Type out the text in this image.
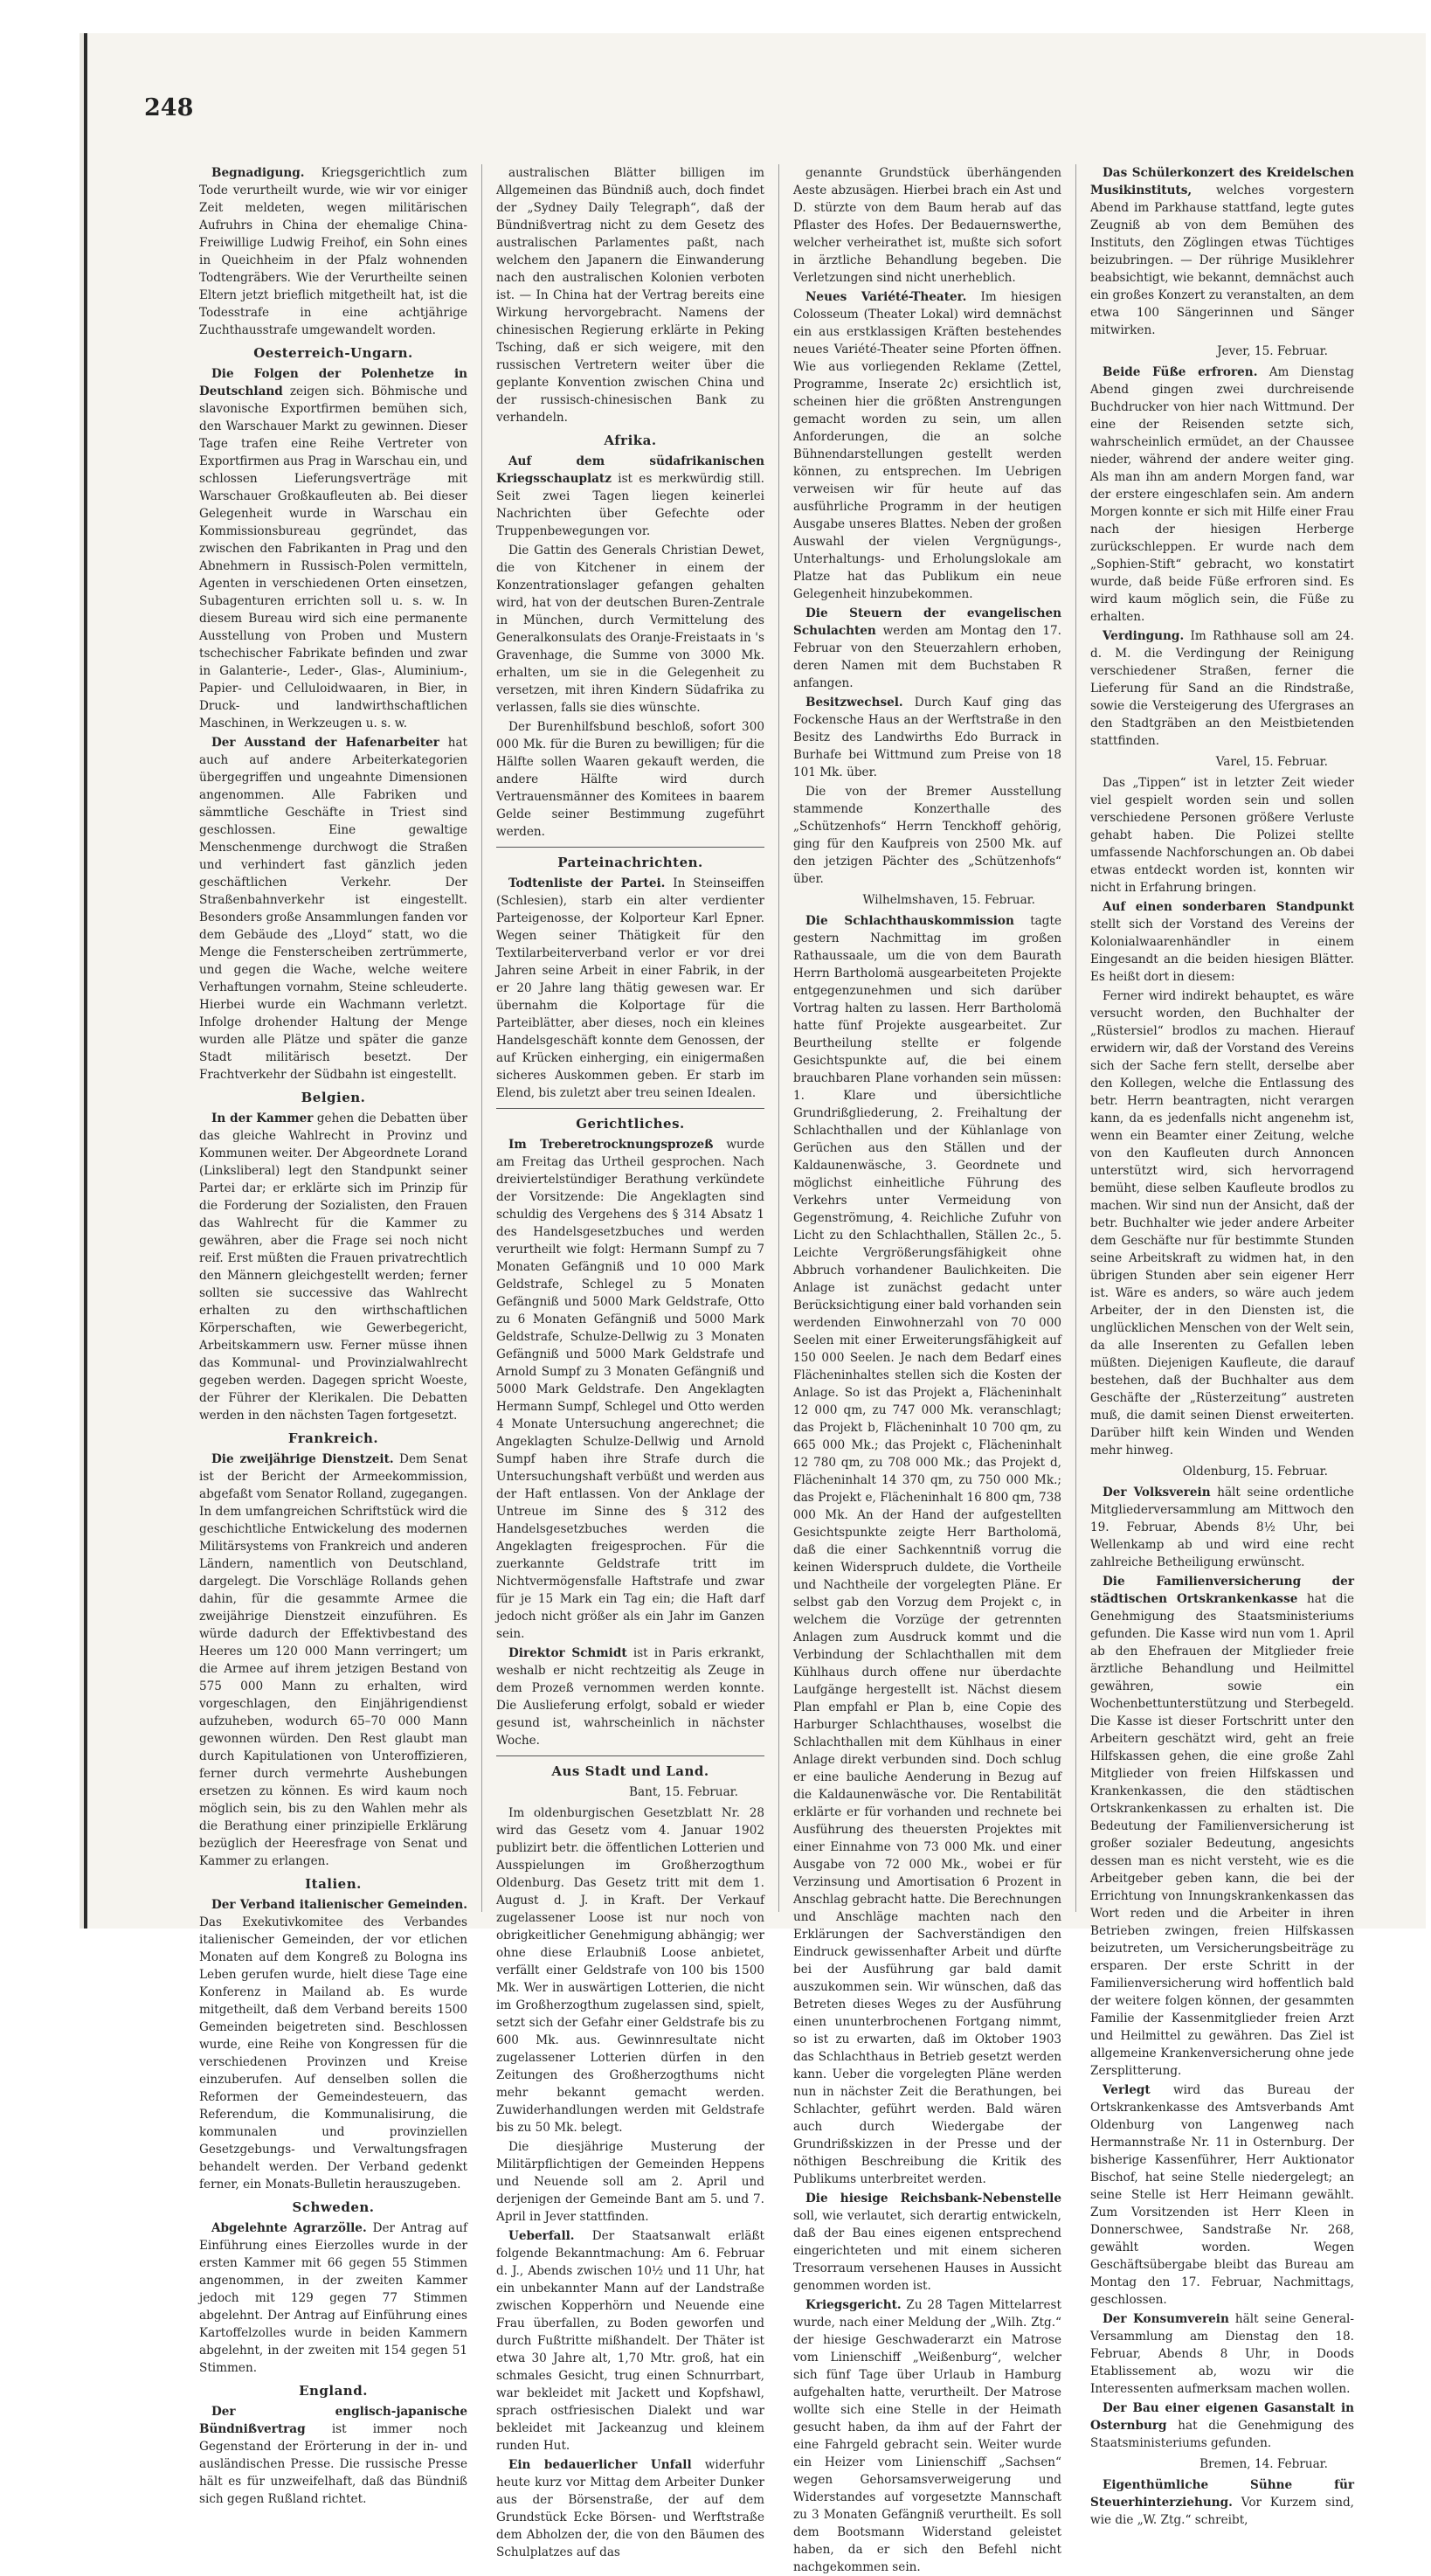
248

Begnadigung. Kriegsgerichtlich zum Tode verurtheilt wurde, wie wir vor einiger Zeit meldeten, wegen militärischen Aufruhrs in China der ehemalige China-Freiwillige Ludwig Freihof, ein Sohn eines in Queichheim in der Pfalz wohnenden Todtengräbers. Wie der Verurtheilte seinen Eltern jetzt brieflich mitgetheilt hat, ist die Todesstrafe in eine achtjährige Zuchthausstrafe umgewandelt worden.

Oesterreich-Ungarn.

Die Folgen der Polenhetze in Deutschland zeigen sich. Böhmische und slavonische Exportfirmen bemühen sich, den Warschauer Markt zu gewinnen. Dieser Tage trafen eine Reihe Vertreter von Exportfirmen aus Prag in Warschau ein, und schlossen Lieferungsverträge mit Warschauer Großkaufleuten ab. Bei dieser Gelegenheit wurde in Warschau ein Kommissionsbureau gegründet, das zwischen den Fabrikanten in Prag und den Abnehmern in Russisch-Polen vermitteln, Agenten in verschiedenen Orten einsetzen, Subagenturen errichten soll u. s. w. In diesem Bureau wird sich eine permanente Ausstellung von Proben und Mustern tschechischer Fabrikate befinden und zwar in Galanterie-, Leder-, Glas-, Aluminium-, Papier- und Celluloidwaaren, in Bier, in Druck- und landwirthschaftlichen Maschinen, in Werkzeugen u. s. w.

Der Ausstand der Hafenarbeiter hat auch auf andere Arbeiterkategorien übergegriffen und ungeahnte Dimensionen angenommen. Alle Fabriken und sämmtliche Geschäfte in Triest sind geschlossen. Eine gewaltige Menschenmenge durchwogt die Straßen und verhindert fast gänzlich jeden geschäftlichen Verkehr. Der Straßenbahnverkehr ist eingestellt. Besonders große Ansammlungen fanden vor dem Gebäude des „Lloyd“ statt, wo die Menge die Fensterscheiben zertrümmerte, und gegen die Wache, welche weitere Verhaftungen vornahm, Steine schleuderte. Hierbei wurde ein Wachmann verletzt. Infolge drohender Haltung der Menge wurden alle Plätze und später die ganze Stadt militärisch besetzt. Der Frachtverkehr der Südbahn ist eingestellt.

Belgien.

In der Kammer gehen die Debatten über das gleiche Wahlrecht in Provinz und Kommunen weiter. Der Abgeordnete Lorand (Linksliberal) legt den Standpunkt seiner Partei dar; er erklärte sich im Prinzip für die Forderung der Sozialisten, den Frauen das Wahlrecht für die Kammer zu gewähren, aber die Frage sei noch nicht reif. Erst müßten die Frauen privatrechtlich den Männern gleichgestellt werden; ferner sollten sie successive das Wahlrecht erhalten zu den wirthschaftlichen Körperschaften, wie Gewerbegericht, Arbeitskammern usw. Ferner müsse ihnen das Kommunal- und Provinzialwahlrecht gegeben werden. Dagegen spricht Woeste, der Führer der Klerikalen. Die Debatten werden in den nächsten Tagen fortgesetzt.

Frankreich.

Die zweijährige Dienstzeit. Dem Senat ist der Bericht der Armeekommission, abgefaßt vom Senator Rolland, zugegangen. In dem umfangreichen Schriftstück wird die geschichtliche Entwickelung des modernen Militärsystems von Frankreich und anderen Ländern, namentlich von Deutschland, dargelegt. Die Vorschläge Rollands gehen dahin, für die gesammte Armee die zweijährige Dienstzeit einzuführen. Es würde dadurch der Effektivbestand des Heeres um 120 000 Mann verringert; um die Armee auf ihrem jetzigen Bestand von 575 000 Mann zu erhalten, wird vorgeschlagen, den Einjährigendienst aufzuheben, wodurch 65–70 000 Mann gewonnen würden. Den Rest glaubt man durch Kapitulationen von Unteroffizieren, ferner durch vermehrte Aushebungen ersetzen zu können. Es wird kaum noch möglich sein, bis zu den Wahlen mehr als die Berathung einer prinzipielle Erklärung bezüglich der Heeresfrage von Senat und Kammer zu erlangen.

Italien.

Der Verband italienischer Gemeinden. Das Exekutivkomitee des Verbandes italienischer Gemeinden, der vor etlichen Monaten auf dem Kongreß zu Bologna ins Leben gerufen wurde, hielt diese Tage eine Konferenz in Mailand ab. Es wurde mitgetheilt, daß dem Verband bereits 1500 Gemeinden beigetreten sind. Beschlossen wurde, eine Reihe von Kongressen für die verschiedenen Provinzen und Kreise einzuberufen. Auf denselben sollen die Reformen der Gemeindesteuern, das Referendum, die Kommunalisirung, die kommunalen und provinziellen Gesetzgebungs- und Verwaltungsfragen behandelt werden. Der Verband gedenkt ferner, ein Monats-Bulletin herauszugeben.

Schweden.

Abgelehnte Agrarzölle. Der Antrag auf Einführung eines Eierzolles wurde in der ersten Kammer mit 66 gegen 55 Stimmen angenommen, in der zweiten Kammer jedoch mit 129 gegen 77 Stimmen abgelehnt. Der Antrag auf Einführung eines Kartoffelzolles wurde in beiden Kammern abgelehnt, in der zweiten mit 154 gegen 51 Stimmen.

England.

Der englisch-japanische Bündnißvertrag ist immer noch Gegenstand der Erörterung in der in- und ausländischen Presse. Die russische Presse hält es für unzweifelhaft, daß das Bündniß sich gegen Rußland richtet.

australischen Blätter billigen im Allgemeinen das Bündniß auch, doch findet der „Sydney Daily Telegraph“, daß der Bündnißvertrag nicht zu dem Gesetz des australischen Parlamentes paßt, nach welchem den Japanern die Einwanderung nach den australischen Kolonien verboten ist. — In China hat der Vertrag bereits eine Wirkung hervorgebracht. Namens der chinesischen Regierung erklärte in Peking Tsching, daß er sich weigere, mit den russischen Vertretern weiter über die geplante Konvention zwischen China und der russisch-chinesischen Bank zu verhandeln.

Afrika.

Auf dem südafrikanischen Kriegsschauplatz ist es merkwürdig still. Seit zwei Tagen liegen keinerlei Nachrichten über Gefechte oder Truppenbewegungen vor.

Die Gattin des Generals Christian Dewet, die von Kitchener in einem der Konzentrationslager gefangen gehalten wird, hat von der deutschen Buren-Zentrale in München, durch Vermittelung des Generalkonsulats des Oranje-Freistaats in 's Gravenhage, die Summe von 3000 Mk. erhalten, um sie in die Gelegenheit zu versetzen, mit ihren Kindern Südafrika zu verlassen, falls sie dies wünschte.

Der Burenhilfsbund beschloß, sofort 300 000 Mk. für die Buren zu bewilligen; für die Hälfte sollen Waaren gekauft werden, die andere Hälfte wird durch Vertrauensmänner des Komitees in baarem Gelde seiner Bestimmung zugeführt werden.

Parteinachrichten.

Todtenliste der Partei. In Steinseiffen (Schlesien), starb ein alter verdienter Parteigenosse, der Kolporteur Karl Epner. Wegen seiner Thätigkeit für den Textilarbeiterverband verlor er vor drei Jahren seine Arbeit in einer Fabrik, in der er 20 Jahre lang thätig gewesen war. Er übernahm die Kolportage für die Parteiblätter, aber dieses, noch ein kleines Handelsgeschäft konnte dem Genossen, der auf Krücken einherging, ein einigermaßen sicheres Auskommen geben. Er starb im Elend, bis zuletzt aber treu seinen Idealen.

Gerichtliches.

Im Treberetrocknungsprozeß wurde am Freitag das Urtheil gesprochen. Nach dreiviertelstündiger Berathung verkündete der Vorsitzende: Die Angeklagten sind schuldig des Vergehens des § 314 Absatz 1 des Handelsgesetzbuches und werden verurtheilt wie folgt: Hermann Sumpf zu 7 Monaten Gefängniß und 10 000 Mark Geldstrafe, Schlegel zu 5 Monaten Gefängniß und 5000 Mark Geldstrafe, Otto zu 6 Monaten Gefängniß und 5000 Mark Geldstrafe, Schulze-Dellwig zu 3 Monaten Gefängniß und 5000 Mark Geldstrafe und Arnold Sumpf zu 3 Monaten Gefängniß und 5000 Mark Geldstrafe. Den Angeklagten Hermann Sumpf, Schlegel und Otto werden 4 Monate Untersuchung angerechnet; die Angeklagten Schulze-Dellwig und Arnold Sumpf haben ihre Strafe durch die Untersuchungshaft verbüßt und werden aus der Haft entlassen. Von der Anklage der Untreue im Sinne des § 312 des Handelsgesetzbuches werden die Angeklagten freigesprochen. Für die zuerkannte Geldstrafe tritt im Nichtvermögensfalle Haftstrafe und zwar für je 15 Mark ein Tag ein; die Haft darf jedoch nicht größer als ein Jahr im Ganzen sein.

Direktor Schmidt ist in Paris erkrankt, weshalb er nicht rechtzeitig als Zeuge in dem Prozeß vernommen werden konnte. Die Auslieferung erfolgt, sobald er wieder gesund ist, wahrscheinlich in nächster Woche.

Aus Stadt und Land.
Bant, 15. Februar.

Im oldenburgischen Gesetzblatt Nr. 28 wird das Gesetz vom 4. Januar 1902 publizirt betr. die öffentlichen Lotterien und Ausspielungen im Großherzogthum Oldenburg. Das Gesetz tritt mit dem 1. August d. J. in Kraft. Der Verkauf zugelassener Loose ist nur noch von obrigkeitlicher Genehmigung abhängig; wer ohne diese Erlaubniß Loose anbietet, verfällt einer Geldstrafe von 100 bis 1500 Mk. Wer in auswärtigen Lotterien, die nicht im Großherzogthum zugelassen sind, spielt, setzt sich der Gefahr einer Geldstrafe bis zu 600 Mk. aus. Gewinnresultate nicht zugelassener Lotterien dürfen in den Zeitungen des Großherzogthums nicht mehr bekannt gemacht werden. Zuwiderhandlungen werden mit Geldstrafe bis zu 50 Mk. belegt.

Die diesjährige Musterung der Militärpflichtigen der Gemeinden Heppens und Neuende soll am 2. April und derjenigen der Gemeinde Bant am 5. und 7. April in Jever stattfinden.

Ueberfall. Der Staatsanwalt erläßt folgende Bekanntmachung: Am 6. Februar d. J., Abends zwischen 10½ und 11 Uhr, hat ein unbekannter Mann auf der Landstraße zwischen Kopperhörn und Neuende eine Frau überfallen, zu Boden geworfen und durch Fußtritte mißhandelt. Der Thäter ist etwa 30 Jahre alt, 1,70 Mtr. groß, hat ein schmales Gesicht, trug einen Schnurrbart, war bekleidet mit Jackett und Kopfshawl, sprach ostfriesischen Dialekt und war bekleidet mit Jackeanzug und kleinem runden Hut.

Ein bedauerlicher Unfall widerfuhr heute kurz vor Mittag dem Arbeiter Dunker aus der Börsenstraße, der auf dem Grundstück Ecke Börsen- und Werftstraße dem Abholzen der, die von den Bäumen des Schulplatzes auf das

genannte Grundstück überhängenden Aeste abzusägen. Hierbei brach ein Ast und D. stürzte von dem Baum herab auf das Pflaster des Hofes. Der Bedauernswerthe, welcher verheirathet ist, mußte sich sofort in ärztliche Behandlung begeben. Die Verletzungen sind nicht unerheblich.

Neues Variété-Theater. Im hiesigen Colosseum (Theater Lokal) wird demnächst ein aus erstklassigen Kräften bestehendes neues Variété-Theater seine Pforten öffnen. Wie aus vorliegenden Reklame (Zettel, Programme, Inserate 2c) ersichtlich ist, scheinen hier die größten Anstrengungen gemacht worden zu sein, um allen Anforderungen, die an solche Bühnendarstellungen gestellt werden können, zu entsprechen. Im Uebrigen verweisen wir für heute auf das ausführliche Programm in der heutigen Ausgabe unseres Blattes. Neben der großen Auswahl der vielen Vergnügungs-, Unterhaltungs- und Erholungslokale am Platze hat das Publikum ein neue Gelegenheit hinzubekommen.

Die Steuern der evangelischen Schulachten werden am Montag den 17. Februar von den Steuerzahlern erhoben, deren Namen mit dem Buchstaben R anfangen.

Besitzwechsel. Durch Kauf ging das Fockensche Haus an der Werftstraße in den Besitz des Landwirths Edo Burrack in Burhafe bei Wittmund zum Preise von 18 101 Mk. über.

Die von der Bremer Ausstellung stammende Konzerthalle des „Schützenhofs“ Herrn Tenckhoff gehörig, ging für den Kaufpreis von 2500 Mk. auf den jetzigen Pächter des „Schützenhofs“ über.

Wilhelmshaven, 15. Februar.

Die Schlachthauskommission tagte gestern Nachmittag im großen Rathaussaale, um die von dem Baurath Herrn Bartholomä ausgearbeiteten Projekte entgegenzunehmen und sich darüber Vortrag halten zu lassen. Herr Bartholomä hatte fünf Projekte ausgearbeitet. Zur Beurtheilung stellte er folgende Gesichtspunkte auf, die bei einem brauchbaren Plane vorhanden sein müssen: 1. Klare und übersichtliche Grundrißgliederung, 2. Freihaltung der Schlachthallen und der Kühlanlage von Gerüchen aus den Ställen und der Kaldaunenwäsche, 3. Geordnete und möglichst einheitliche Führung des Verkehrs unter Vermeidung von Gegenströmung, 4. Reichliche Zufuhr von Licht zu den Schlachthallen, Ställen 2c., 5. Leichte Vergrößerungsfähigkeit ohne Abbruch vorhandener Baulichkeiten. Die Anlage ist zunächst gedacht unter Berücksichtigung einer bald vorhanden sein werdenden Einwohnerzahl von 70 000 Seelen mit einer Erweiterungsfähigkeit auf 150 000 Seelen. Je nach dem Bedarf eines Flächeninhaltes stellen sich die Kosten der Anlage. So ist das Projekt a, Flächeninhalt 12 000 qm, zu 747 000 Mk. veranschlagt; das Projekt b, Flächeninhalt 10 700 qm, zu 665 000 Mk.; das Projekt c, Flächeninhalt 12 780 qm, zu 708 000 Mk.; das Projekt d, Flächeninhalt 14 370 qm, zu 750 000 Mk.; das Projekt e, Flächeninhalt 16 800 qm, 738 000 Mk. An der Hand der aufgestellten Gesichtspunkte zeigte Herr Bartholomä, daß die einer Sachkenntniß vorrug die keinen Widerspruch duldete, die Vortheile und Nachtheile der vorgelegten Pläne. Er selbst gab den Vorzug dem Projekt c, in welchem die Vorzüge der getrennten Anlagen zum Ausdruck kommt und die Verbindung der Schlachthallen mit dem Kühlhaus durch offene nur überdachte Laufgänge hergestellt ist. Nächst diesem Plan empfahl er Plan b, eine Copie des Harburger Schlachthauses, woselbst die Schlachthallen mit dem Kühlhaus in einer Anlage direkt verbunden sind. Doch schlug er eine bauliche Aenderung in Bezug auf die Kaldaunenwäsche vor. Die Rentabilität erklärte er für vorhanden und rechnete bei Ausführung des theuersten Projektes mit einer Einnahme von 73 000 Mk. und einer Ausgabe von 72 000 Mk., wobei er für Verzinsung und Amortisation 6 Prozent in Anschlag gebracht hatte. Die Berechnungen und Anschläge machten nach den Erklärungen der Sachverständigen den Eindruck gewissenhafter Arbeit und dürfte bei der Ausführung gar bald damit auszukommen sein. Wir wünschen, daß das Betreten dieses Weges zu der Ausführung einen ununterbrochenen Fortgang nimmt, so ist zu erwarten, daß im Oktober 1903 das Schlachthaus in Betrieb gesetzt werden kann. Ueber die vorgelegten Pläne werden nun in nächster Zeit die Berathungen, bei Schlachter, geführt werden. Bald wären auch durch Wiedergabe der Grundrißskizzen in der Presse und der nöthigen Beschreibung die Kritik des Publikums unterbreitet werden.

Die hiesige Reichsbank-Nebenstelle soll, wie verlautet, sich derartig entwickeln, daß der Bau eines eigenen entsprechend eingerichteten und mit einem sicheren Tresorraum versehenen Hauses in Aussicht genommen worden ist.

Kriegsgericht. Zu 28 Tagen Mittelarrest wurde, nach einer Meldung der „Wilh. Ztg.“ der hiesige Geschwaderarzt ein Matrose vom Linienschiff „Weißenburg“, welcher sich fünf Tage über Urlaub in Hamburg aufgehalten hatte, verurtheilt. Der Matrose wollte sich eine Stelle in der Heimath gesucht haben, da ihm auf der Fahrt der eine Fahrgeld gebracht sein. Weiter wurde ein Heizer vom Linienschiff „Sachsen“ wegen Gehorsamsverweigerung und Widerstandes auf vorgesetzte Mannschaft zu 3 Monaten Gefängniß verurtheilt. Es soll dem Bootsmann Widerstand geleistet haben, da er sich den Befehl nicht nachgekommen sein.

Das Schülerkonzert des Kreidelschen Musikinstituts, welches vorgestern Abend im Parkhause stattfand, legte gutes Zeugniß ab von dem Bemühen des Instituts, den Zöglingen etwas Tüchtiges beizubringen. — Der rührige Musiklehrer beabsichtigt, wie bekannt, demnächst auch ein großes Konzert zu veranstalten, an dem etwa 100 Sängerinnen und Sänger mitwirken.

Jever, 15. Februar.

Beide Füße erfroren. Am Dienstag Abend gingen zwei durchreisende Buchdrucker von hier nach Wittmund. Der eine der Reisenden setzte sich, wahrscheinlich ermüdet, an der Chaussee nieder, während der andere weiter ging. Als man ihn am andern Morgen fand, war der erstere eingeschlafen sein. Am andern Morgen konnte er sich mit Hilfe einer Frau nach der hiesigen Herberge zurückschleppen. Er wurde nach dem „Sophien-Stift“ gebracht, wo konstatirt wurde, daß beide Füße erfroren sind. Es wird kaum möglich sein, die Füße zu erhalten.

Verdingung. Im Rathhause soll am 24. d. M. die Verdingung der Reinigung verschiedener Straßen, ferner die Lieferung für Sand an die Rindstraße, sowie die Versteigerung des Ufergrases an den Stadtgräben an den Meistbietenden stattfinden.

Varel, 15. Februar.

Das „Tippen“ ist in letzter Zeit wieder viel gespielt worden sein und sollen verschiedene Personen größere Verluste gehabt haben. Die Polizei stellte umfassende Nachforschungen an. Ob dabei etwas entdeckt worden ist, konnten wir nicht in Erfahrung bringen.

Auf einen sonderbaren Standpunkt stellt sich der Vorstand des Vereins der Kolonialwaarenhändler in einem Eingesandt an die beiden hiesigen Blätter. Es heißt dort in diesem:

Ferner wird indirekt behauptet, es wäre versucht worden, den Buchhalter der „Rüstersiel“ brodlos zu machen. Hierauf erwidern wir, daß der Vorstand des Vereins sich der Sache fern stellt, derselbe aber den Kollegen, welche die Entlassung des betr. Herrn beantragten, nicht verargen kann, da es jedenfalls nicht angenehm ist, wenn ein Beamter einer Zeitung, welche von den Kaufleuten durch Annoncen unterstützt wird, sich hervorragend bemüht, diese selben Kaufleute brodlos zu machen. Wir sind nun der Ansicht, daß der betr. Buchhalter wie jeder andere Arbeiter dem Geschäfte nur für bestimmte Stunden seine Arbeitskraft zu widmen hat, in den übrigen Stunden aber sein eigener Herr ist. Wäre es anders, so wäre auch jedem Arbeiter, der in den Diensten ist, die unglücklichen Menschen von der Welt sein, da alle Inserenten zu Gefallen leben müßten. Diejenigen Kaufleute, die darauf bestehen, daß der Buchhalter aus dem Geschäfte der „Rüsterzeitung“ austreten muß, die damit seinen Dienst erweiterten. Darüber hilft kein Winden und Wenden mehr hinweg.

Oldenburg, 15. Februar.

Der Volksverein hält seine ordentliche Mitgliederversammlung am Mittwoch den 19. Februar, Abends 8½ Uhr, bei Wellenkamp ab und wird eine recht zahlreiche Betheiligung erwünscht.

Die Familienversicherung der städtischen Ortskrankenkasse hat die Genehmigung des Staatsministeriums gefunden. Die Kasse wird nun vom 1. April ab den Ehefrauen der Mitglieder freie ärztliche Behandlung und Heilmittel gewähren, sowie ein Wochenbettunterstützung und Sterbegeld. Die Kasse ist dieser Fortschritt unter den Arbeitern geschätzt wird, geht an freie Hilfskassen gehen, die eine große Zahl Mitglieder von freien Hilfskassen und Krankenkassen, die den städtischen Ortskrankenkassen zu erhalten ist. Die Bedeutung der Familienversicherung ist großer sozialer Bedeutung, angesichts dessen man es nicht versteht, wie es die Arbeitgeber geben kann, die bei der Errichtung von Innungskrankenkassen das Wort reden und die Arbeiter in ihren Betrieben zwingen, freien Hilfskassen beizutreten, um Versicherungsbeiträge zu ersparen. Der erste Schritt in der Familienversicherung wird hoffentlich bald der weitere folgen können, der gesammten Familie der Kassenmitglieder freien Arzt und Heilmittel zu gewähren. Das Ziel ist allgemeine Krankenversicherung ohne jede Zersplitterung.

Verlegt wird das Bureau der Ortskrankenkasse des Amtsverbands Amt Oldenburg von Langenweg nach Hermannstraße Nr. 11 in Osternburg. Der bisherige Kassenführer, Herr Auktionator Bischof, hat seine Stelle niedergelegt; an seine Stelle ist Herr Heimann gewählt. Zum Vorsitzenden ist Herr Kleen in Donnerschwee, Sandstraße Nr. 268, gewählt worden. Wegen Geschäftsübergabe bleibt das Bureau am Montag den 17. Februar, Nachmittags, geschlossen.

Der Konsumverein hält seine General-Versammlung am Dienstag den 18. Februar, Abends 8 Uhr, in Doods Etablissement ab, wozu wir die Interessenten aufmerksam machen wollen.

Der Bau einer eigenen Gasanstalt in Osternburg hat die Genehmigung des Staatsministeriums gefunden.

Bremen, 14. Februar.

Eigenthümliche Sühne für Steuerhinterziehung. Vor Kurzem sind, wie die „W. Ztg.“ schreibt,
